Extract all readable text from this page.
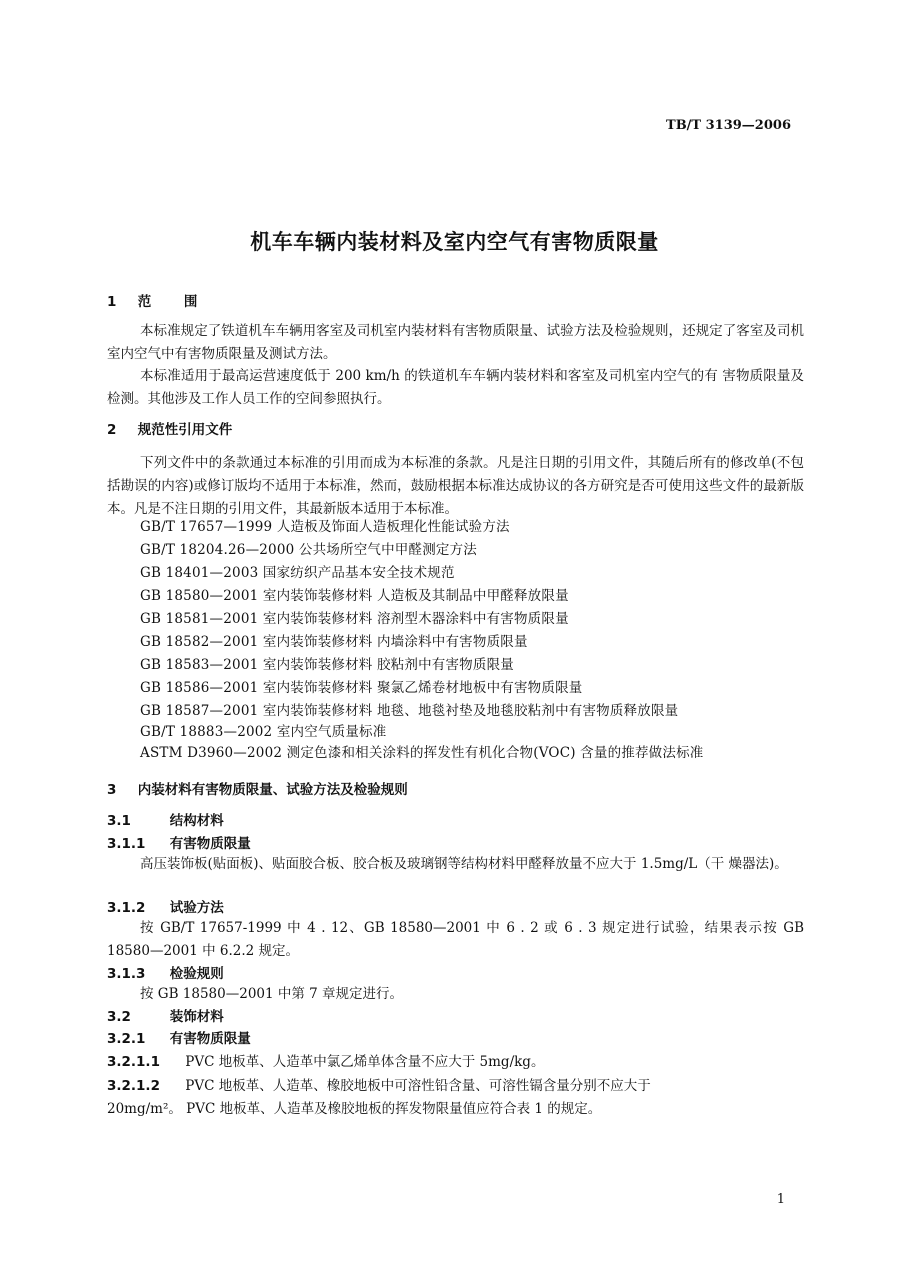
TB/T 3139—2006
机车车辆内装材料及室内空气有害物质限量
1 范 围
本标准规定了铁道机车车辆用客室及司机室内装材料有害物质限量、试验方法及检验规则，还规定了客室及司机室内空气中有害物质限量及测试方法。
本标准适用于最高运营速度低于 200 km/h 的铁道机车车辆内装材料和客室及司机室内空气的有 害物质限量及检测。其他涉及工作人员工作的空间参照执行。
2 规范性引用文件
下列文件中的条款通过本标准的引用而成为本标准的条款。凡是注日期的引用文件，其随后所有的修改单(不包括勘误的内容)或修订版均不适用于本标准，然而，鼓励根据本标准达成协议的各方研究是否可使用这些文件的最新版本。凡是不注日期的引用文件，其最新版本适用于本标准。
GB/T 17657—1999 人造板及饰面人造板理化性能试验方法
GB/T 18204.26—2000 公共场所空气中甲醛测定方法
GB 18401—2003 国家纺织产品基本安全技术规范
GB 18580—2001 室内装饰装修材料 人造板及其制品中甲醛释放限量
GB 18581—2001 室内装饰装修材料 溶剂型木器涂料中有害物质限量
GB 18582—2001 室内装饰装修材料 内墙涂料中有害物质限量
GB 18583—2001 室内装饰装修材料 胶粘剂中有害物质限量
GB 18586—2001 室内装饰装修材料 聚氯乙烯卷材地板中有害物质限量
GB 18587—2001 室内装饰装修材料 地毯、地毯衬垫及地毯胶粘剂中有害物质释放限量
GB/T 18883—2002 室内空气质量标准
ASTM D3960—2002 测定色漆和相关涂料的挥发性有机化合物(VOC) 含量的推荐做法标准
3 内装材料有害物质限量、试验方法及检验规则
3.1	结构材料
3.1.1 有害物质限量
高压装饰板(贴面板)、贴面胶合板、胶合板及玻璃钢等结构材料甲醛释放量不应大于 1.5mg/L（干 燥器法)。
3.1.2 试验方法
按 GB/T 17657-1999 中 4 . 12、GB 18580—2001 中 6 . 2 或 6 . 3 规定进行试验，结果表示按 GB 18580—2001 中 6.2.2 规定。
3.1.3 检验规则
按 GB 18580—2001 中第 7 章规定进行。
3.2	装饰材料
3.2.1 有害物质限量
3.2.1.1 PVC 地板革、人造革中氯乙烯单体含量不应大于 5mg/kg。
3.2.1.2 PVC 地板革、人造革、橡胶地板中可溶性铅含量、可溶性镉含量分别不应大于
20mg/m²。 PVC 地板革、人造革及橡胶地板的挥发物限量值应符合表 1 的规定。
1
